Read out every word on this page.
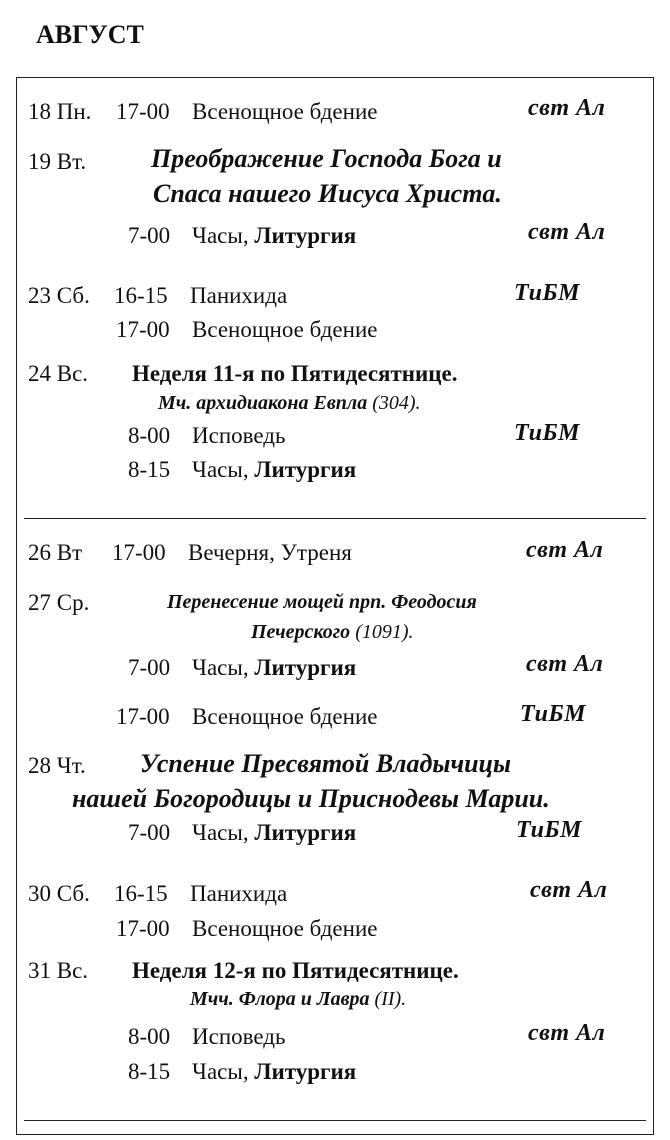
АВГУСТ
18 Пн. 17-00 Всенощное бдение	свт Ал
19 Вт. Преображение Господа Бога и
Спаса нашего Иисуса Христа.
7-00 Часы, Литургия	свт Ал
23 Сб. 16-15 Панихида	ТиБМ
17-00 Всенощное бдение
24 Вс. Неделя 11-я по Пятидесятнице.
Мч. архидиакона Евпла (304).
8-00 Исповедь	ТиБМ
8-15 Часы, Литургия
26 Вт 17-00 Вечерня, Утреня	свт Ал
27 Ср.	Перенесение мощей прп. Феодосия
Печерского (1091).
7-00 Часы, Литургия	свт Ал
17-00 Всенощное бдение	ТиБМ
28 Чт. Успение Пресвятой Владычицы
нашей Богородицы и Приснодевы Марии.
7-00 Часы, Литургия	ТиБМ
30 Сб. 16-15 Панихида	свт Ал
17-00 Всенощное бдение
31 Вс. Неделя 12-я по Пятидесятнице.
Мчч. Флора и Лавра (II).
8-00 Исповедь	свт Ал
8-15 Часы, Литургия
